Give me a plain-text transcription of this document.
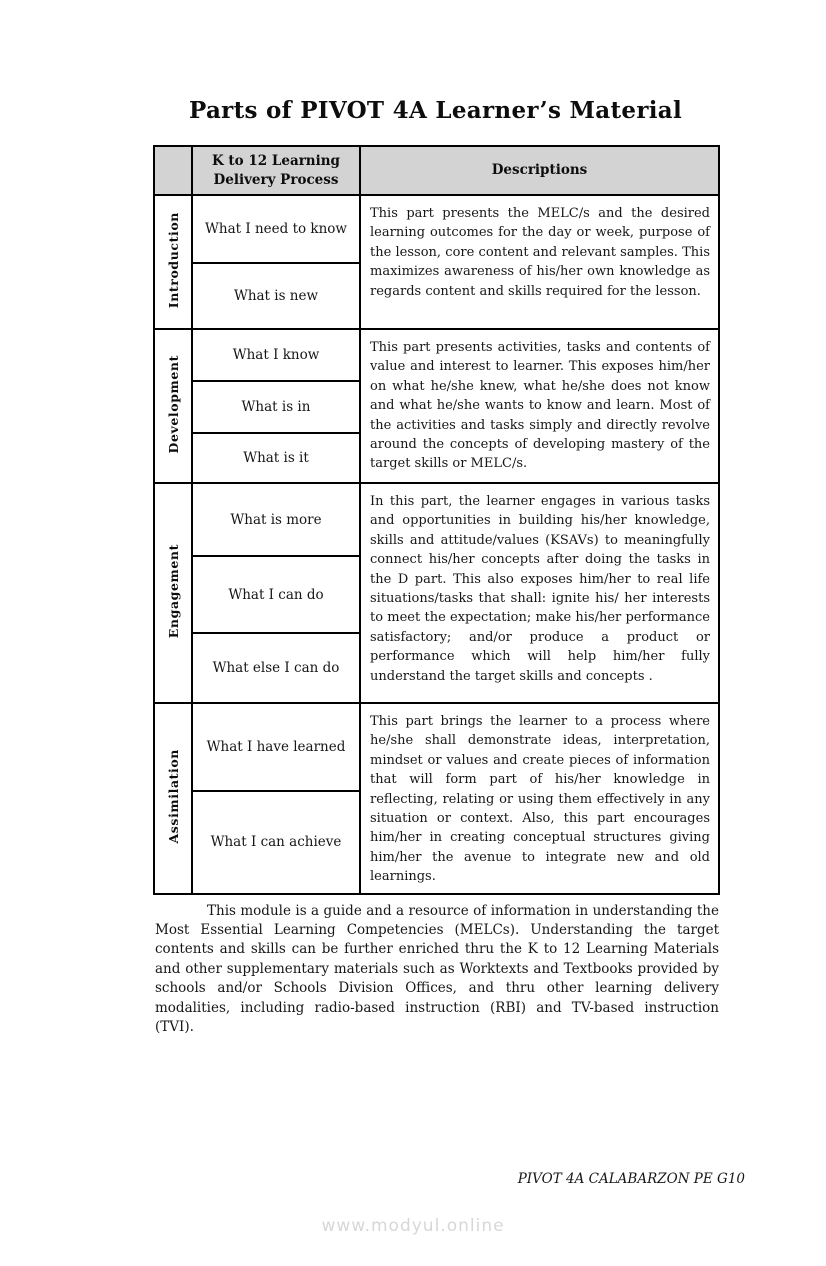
Parts of PIVOT 4A Learner’s Material
	K to 12 Learning Delivery Process	Descriptions
Introduction	What I need to know	This part presents the MELC/s and the desired learning outcomes for the day or week, purpose of the lesson, core content and relevant samples. This maximizes awareness of his/her own knowledge as regards content and skills required for the lesson.
	What is new	
Development	What I know	This part presents activities, tasks and contents of value and interest to learner. This exposes him/her on what he/she knew, what he/she does not know and what he/she wants to know and learn. Most of the activities and tasks simply and directly revolve around the concepts of developing mastery of the target skills or MELC/s.
	What is in	
	What is it	
Engagement	What is more	In this part, the learner engages in various tasks and opportunities in building his/her knowledge, skills and attitude/values (KSAVs) to meaningfully connect his/her concepts after doing the tasks in the D part. This also exposes him/her to real life situations/tasks that shall: ignite his/ her interests to meet the expectation; make his/her performance satisfactory; and/or produce a product or performance which will help him/her fully understand the target skills and concepts .
	What I can do	
	What else I can do	
Assimilation	What I have learned	This part brings the learner to a process where he/she shall demonstrate ideas, interpretation, mindset or values and create pieces of information that will form part of his/her knowledge in reflecting, relating or using them effectively in any situation or context. Also, this part encourages him/her in creating conceptual structures giving him/her the avenue to integrate new and old learnings.
	What I can achieve	

This module is a guide and a resource of information in understanding the Most Essential Learning Competencies (MELCs). Understanding the target contents and skills can be further enriched thru the K to 12 Learning Materials and other supplementary materials such as Worktexts and Textbooks provided by schools and/or Schools Division Offices, and thru other learning delivery modalities, including radio-based instruction (RBI) and TV-based instruction (TVI).

PIVOT 4A CALABARZON PE G10
www.modyul.online
